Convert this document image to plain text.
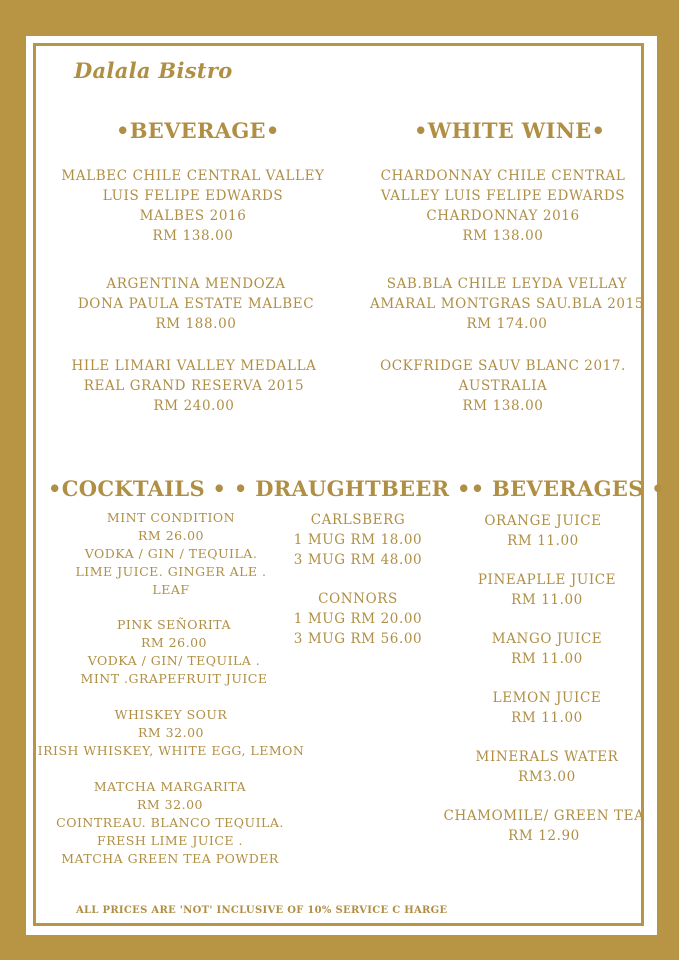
Dalala Bistro
•BEVERAGE•	•WHITE WINE•
MALBEC CHILE CENTRAL VALLEY
LUIS FELIPE EDWARDS
MALBES 2016
RM 138.00
ARGENTINA MENDOZA
DONA PAULA ESTATE MALBEC
RM 188.00
HILE LIMARI VALLEY MEDALLA
REAL GRAND RESERVA 2015
RM 240.00
CHARDONNAY CHILE CENTRAL
VALLEY LUIS FELIPE EDWARDS
CHARDONNAY 2016
RM 138.00
SAB.BLA CHILE LEYDA VELLAY
AMARAL MONTGRAS SAU.BLA 2015
RM 174.00
OCKFRIDGE SAUV BLANC 2017.
AUSTRALIA
RM 138.00
•COCKTAILS • • DRAUGHTBEER •• BEVERAGES •
MINT CONDITION
RM 26.00
VODKA / GIN / TEQUILA.
LIME JUICE. GINGER ALE .
LEAF
PINK SEÑORITA
RM 26.00
VODKA / GIN/ TEQUILA .
MINT .GRAPEFRUIT JUICE
WHISKEY SOUR
RM 32.00
IRISH WHISKEY, WHITE EGG, LEMON
MATCHA MARGARITA
RM 32.00
COINTREAU. BLANCO TEQUILA.
FRESH LIME JUICE .
MATCHA GREEN TEA POWDER
CARLSBERG
1 MUG RM 18.00
3 MUG RM 48.00
CONNORS
1 MUG RM 20.00
3 MUG RM 56.00
ORANGE JUICE
RM 11.00
PINEAPLLE JUICE
RM 11.00
MANGO JUICE
RM 11.00
LEMON JUICE
RM 11.00
MINERALS WATER
RM3.00
CHAMOMILE/ GREEN TEA
RM 12.90
ALL PRICES ARE 'NOT' INCLUSIVE OF 10% SERVICE C HARGE
